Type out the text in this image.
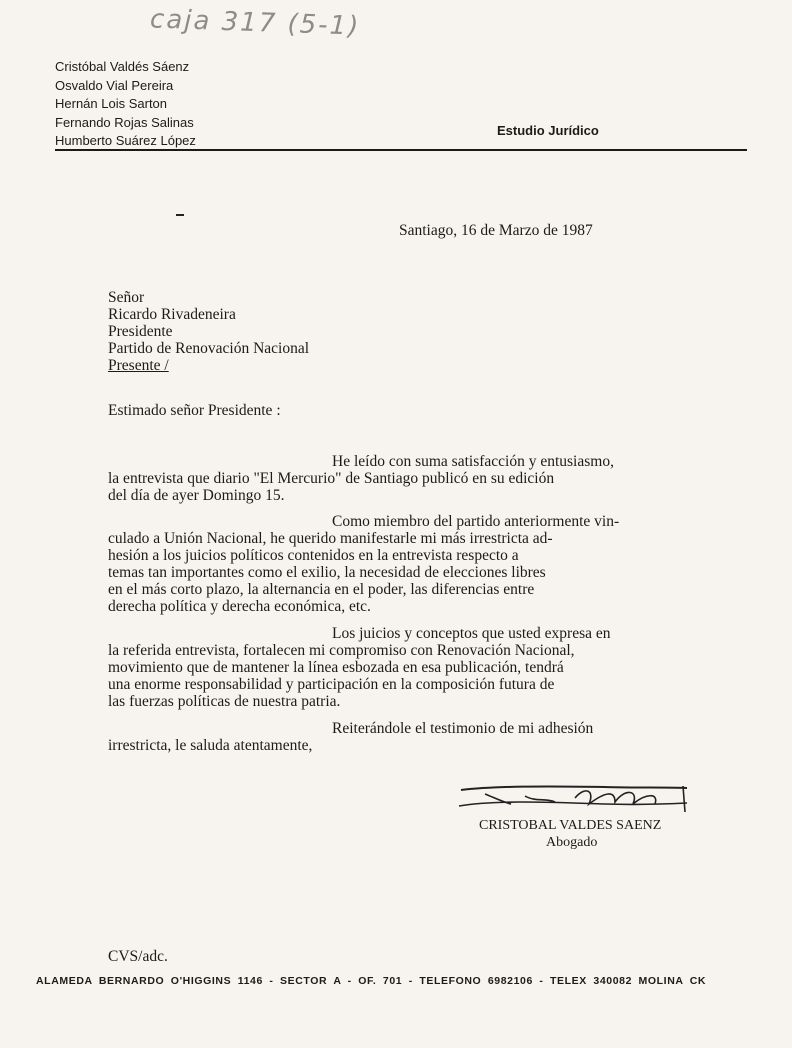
caja 317 (5-1)
Cristóbal Valdés Sáenz
Osvaldo Vial Pereira
Hernán Lois Sarton
Fernando Rojas Salinas
Humberto Suárez López
Estudio Jurídico
Santiago, 16 de Marzo de 1987
Señor
Ricardo Rivadeneira
Presidente
Partido de Renovación Nacional
Presente /
Estimado señor Presidente :
He leído con suma satisfacción y entusiasmo,
la entrevista que diario "El Mercurio" de Santiago publicó en su edición
del día de ayer Domingo 15.
Como miembro del partido anteriormente vin-
culado a Unión Nacional, he querido manifestarle mi más irrestricta ad-
hesión a los juicios políticos contenidos en la entrevista respecto a
temas tan importantes como el exilio, la necesidad de elecciones libres
en el más corto plazo, la alternancia en el poder, las diferencias entre
derecha política y derecha económica, etc.
Los juicios y conceptos que usted expresa en
la referida entrevista, fortalecen mi compromiso con Renovación Nacional,
movimiento que de mantener la línea esbozada en esa publicación, tendrá
una enorme responsabilidad y participación en la composición futura de
las fuerzas políticas de nuestra patria.
Reiterándole el testimonio de mi adhesión
irrestricta, le saluda atentamente,
CRISTOBAL VALDES SAENZ
Abogado
CVS/adc.
ALAMEDA BERNARDO O'HIGGINS 1146 - SECTOR A - OF. 701 - TELEFONO 6982106 - TELEX 340082 MOLINA CK
